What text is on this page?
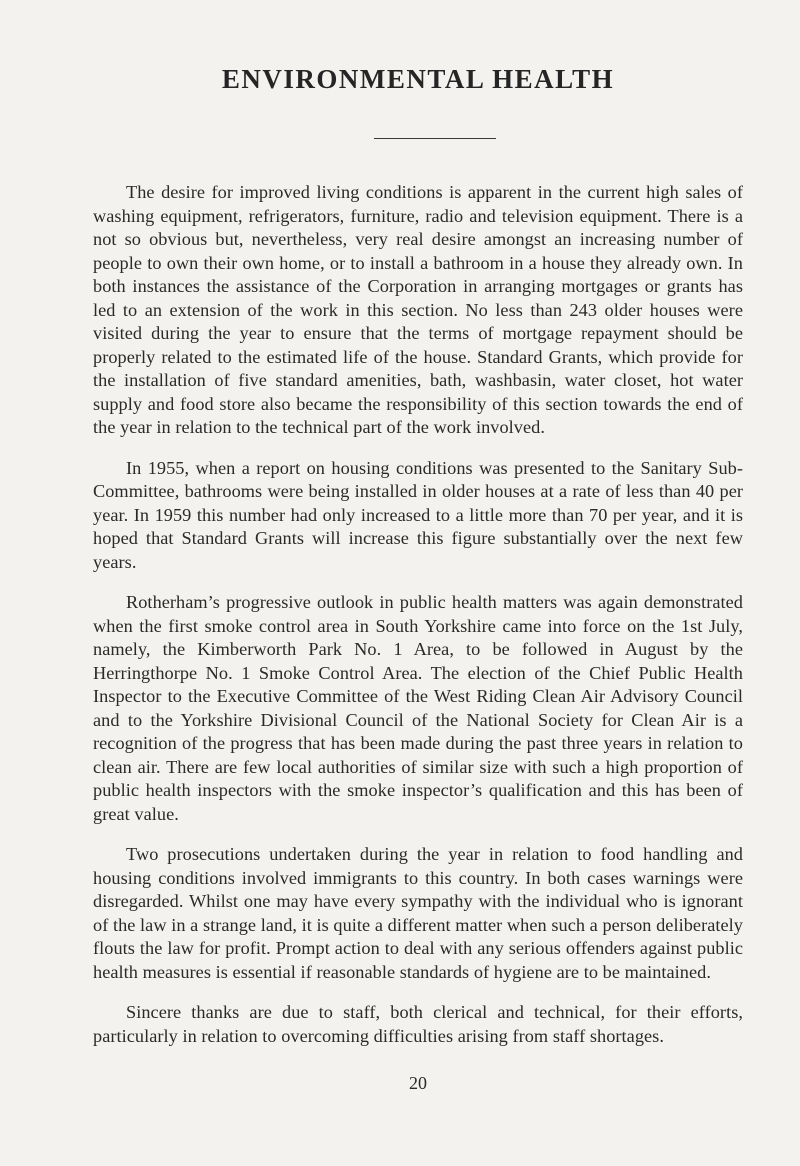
ENVIRONMENTAL HEALTH

The desire for improved living conditions is apparent in the current high sales of washing equipment, refrigerators, furniture, radio and television equipment. There is a not so obvious but, nevertheless, very real desire amongst an increasing number of people to own their own home, or to install a bathroom in a house they already own. In both instances the assistance of the Corporation in arranging mortgages or grants has led to an extension of the work in this section. No less than 243 older houses were visited during the year to ensure that the terms of mortgage repayment should be properly related to the estimated life of the house. Standard Grants, which provide for the installation of five standard amenities, bath, washbasin, water closet, hot water supply and food store also became the responsibility of this section towards the end of the year in relation to the technical part of the work involved.

In 1955, when a report on housing conditions was presented to the Sanitary Sub-Committee, bathrooms were being installed in older houses at a rate of less than 40 per year. In 1959 this number had only increased to a little more than 70 per year, and it is hoped that Standard Grants will increase this figure substantially over the next few years.

Rotherham’s progressive outlook in public health matters was again demonstrated when the first smoke control area in South Yorkshire came into force on the 1st July, namely, the Kimberworth Park No. 1 Area, to be followed in August by the Herringthorpe No. 1 Smoke Control Area. The election of the Chief Public Health Inspector to the Executive Committee of the West Riding Clean Air Advisory Council and to the Yorkshire Divisional Council of the National Society for Clean Air is a recognition of the progress that has been made during the past three years in relation to clean air. There are few local authorities of similar size with such a high proportion of public health inspectors with the smoke inspector’s qualification and this has been of great value.

Two prosecutions undertaken during the year in relation to food handling and housing conditions involved immigrants to this country. In both cases warnings were disregarded. Whilst one may have every sympathy with the individual who is ignorant of the law in a strange land, it is quite a different matter when such a person deliberately flouts the law for profit. Prompt action to deal with any serious offenders against public health measures is essential if reasonable standards of hygiene are to be maintained.

Sincere thanks are due to staff, both clerical and technical, for their efforts, particularly in relation to overcoming difficulties arising from staff shortages.

20
